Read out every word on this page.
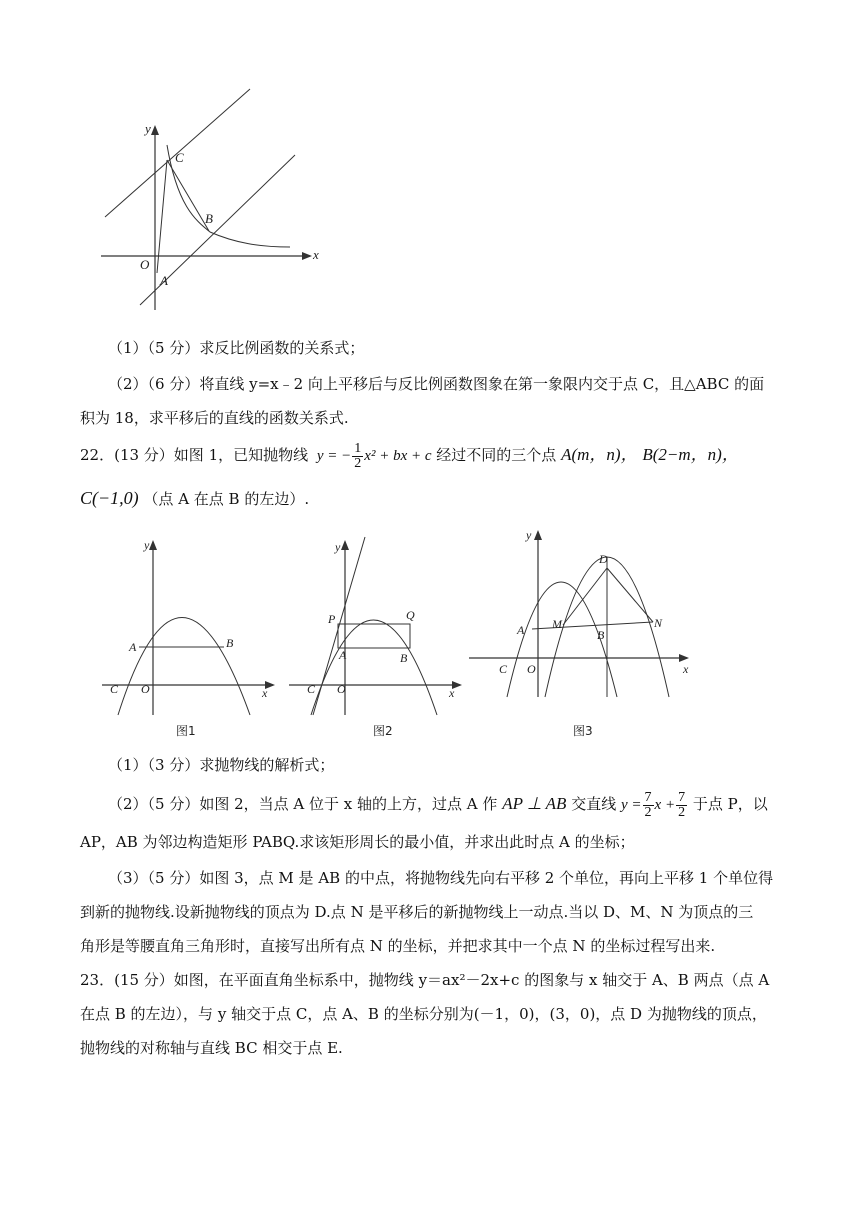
y
x
C
B
O
A
（1）（5 分）求反比例函数的关系式；
（2）（6 分）将直线 y=x﹣2 向上平移后与反比例函数图象在第一象限内交于点 C，且△ABC 的面
积为 18，求平移后的直线的函数关系式.
22．(13 分）如图 1，已知抛物线 y = − $\frac{1}{2} x^2$ + bx + c 经过不同的三个点 A(m，n)， B(2−m，n)，
C(−1,0) （点 A 在点 B 的左边）.
y
x
A	B
C O
图1
y
x
P	Q
A	B
C O
图2
y
x
D
A M
B
N
C O
图3
（1）（3 分）求抛物线的解析式；
（2）（5 分）如图 2，当点 A 位于 x 轴的上方，过点 A 作 AP ⊥ AB 交直线 $y = \frac{7}{2}$ $x + \frac{7}{2}$ 于点 P，以
AP，AB 为邻边构造矩形 PABQ.求该矩形周长的最小值，并求出此时点 A 的坐标；
（3）（5 分）如图 3，点 M 是 AB 的中点，将抛物线先向右平移 2 个单位，再向上平移 1 个单位得
到新的抛物线.设新抛物线的顶点为 D.点 N 是平移后的新抛物线上一动点.当以 D、M、N 为顶点的三
角形是等腰直角三角形时，直接写出所有点 N 的坐标，并把求其中一个点 N 的坐标过程写出来.
23．(15 分）如图，在平面直角坐标系中，抛物线 y＝ax²－2x+c 的图象与 x 轴交于 A、B 两点（点 A
在点 B 的左边），与 y 轴交于点 C，点 A、B 的坐标分别为(－1，0)，(3，0)，点 D 为抛物线的顶点，
抛物线的对称轴与直线 BC 相交于点 E.
